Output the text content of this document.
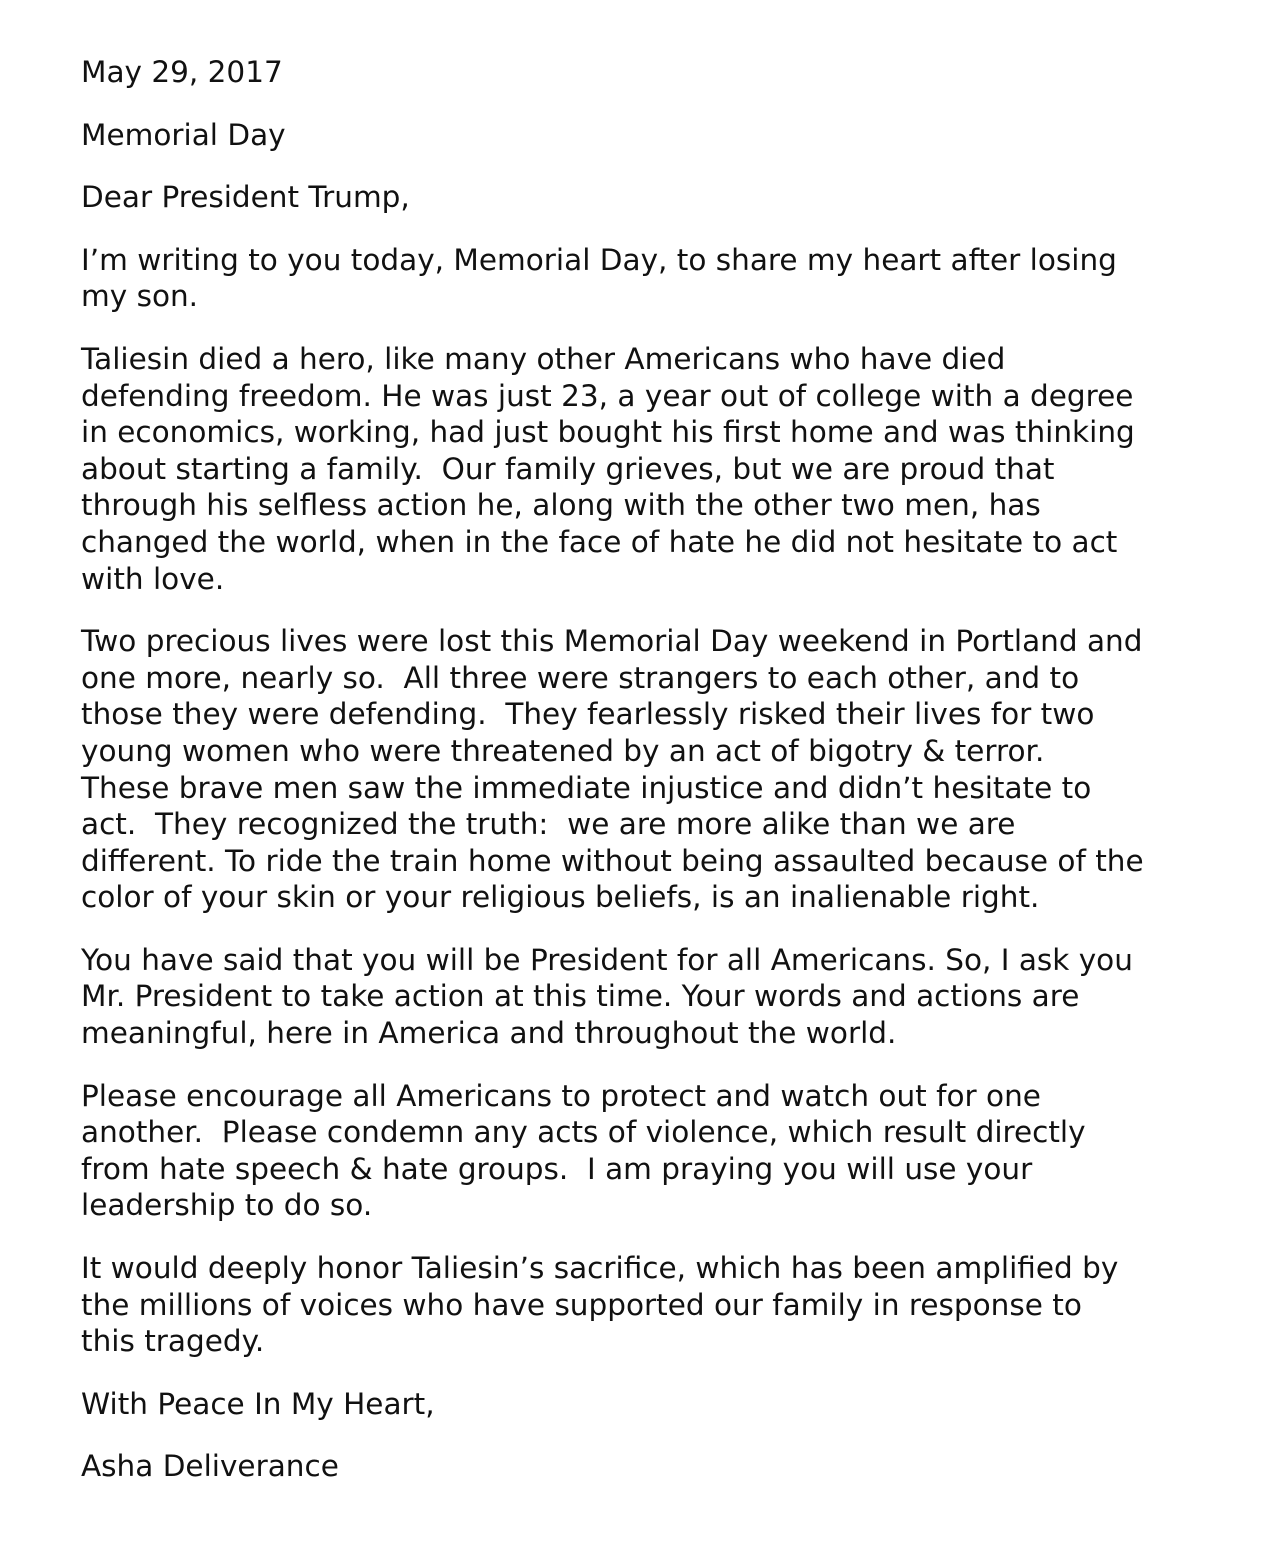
May 29, 2017

Memorial Day

Dear President Trump,

I’m writing to you today, Memorial Day, to share my heart after losing
my son.

Taliesin died a hero, like many other Americans who have died
defending freedom. He was just 23, a year out of college with a degree
in economics, working, had just bought his first home and was thinking
about starting a family.  Our family grieves, but we are proud that
through his selfless action he, along with the other two men, has
changed the world, when in the face of hate he did not hesitate to act
with love.

Two precious lives were lost this Memorial Day weekend in Portland and
one more, nearly so.  All three were strangers to each other, and to
those they were defending.  They fearlessly risked their lives for two
young women who were threatened by an act of bigotry & terror.
These brave men saw the immediate injustice and didn’t hesitate to
act.  They recognized the truth:  we are more alike than we are
different. To ride the train home without being assaulted because of the
color of your skin or your religious beliefs, is an inalienable right.

You have said that you will be President for all Americans. So, I ask you
Mr. President to take action at this time. Your words and actions are
meaningful, here in America and throughout the world.

Please encourage all Americans to protect and watch out for one
another.  Please condemn any acts of violence, which result directly
from hate speech & hate groups.  I am praying you will use your
leadership to do so.

It would deeply honor Taliesin’s sacrifice, which has been amplified by
the millions of voices who have supported our family in response to
this tragedy.

With Peace In My Heart,

Asha Deliverance
